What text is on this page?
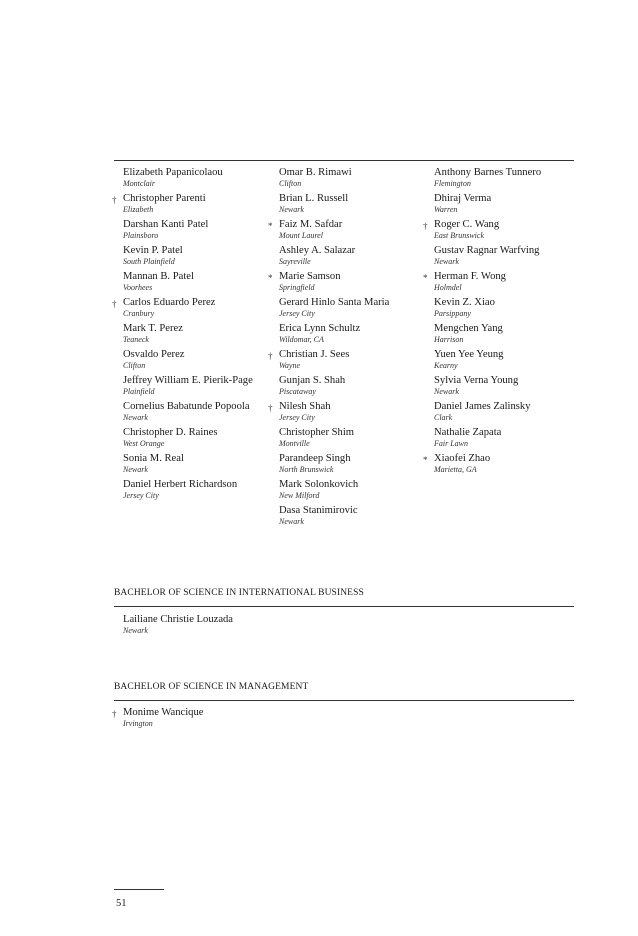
Elizabeth Papanicolaou
Montclair
† Christopher Parenti
Elizabeth
Darshan Kanti Patel
Plainsboro
Kevin P. Patel
South Plainfield
Mannan B. Patel
Voorhees
† Carlos Eduardo Perez
Cranbury
Mark T. Perez
Teaneck
Osvaldo Perez
Clifton
Jeffrey William E. Pierik-Page
Plainfield
Cornelius Babatunde Popoola
Newark
Christopher D. Raines
West Orange
Sonia M. Real
Newark
Daniel Herbert Richardson
Jersey City
Omar B. Rimawi
Clifton
Brian L. Russell
Newark
* Faiz M. Safdar
Mount Laurel
Ashley A. Salazar
Sayreville
* Marie Samson
Springfield
Gerard Hinlo Santa Maria
Jersey City
Erica Lynn Schultz
Wildomar, CA
† Christian J. Sees
Wayne
Gunjan S. Shah
Piscataway
† Nilesh Shah
Jersey City
Christopher Shim
Montville
Parandeep Singh
North Brunswick
Mark Solonkovich
New Milford
Dasa Stanimirovic
Newark
Anthony Barnes Tunnero
Flemington
Dhiraj Verma
Warren
† Roger C. Wang
East Brunswick
Gustav Ragnar Warfving
Newark
* Herman F. Wong
Holmdel
Kevin Z. Xiao
Parsippany
Mengchen Yang
Harrison
Yuen Yee Yeung
Kearny
Sylvia Verna Young
Newark
Daniel James Zalinsky
Clark
Nathalie Zapata
Fair Lawn
* Xiaofei Zhao
Marietta, GA
BACHELOR OF SCIENCE IN INTERNATIONAL BUSINESS
Lailiane Christie Louzada
Newark
BACHELOR OF SCIENCE IN MANAGEMENT
† Monime Wancique
Irvington
51
